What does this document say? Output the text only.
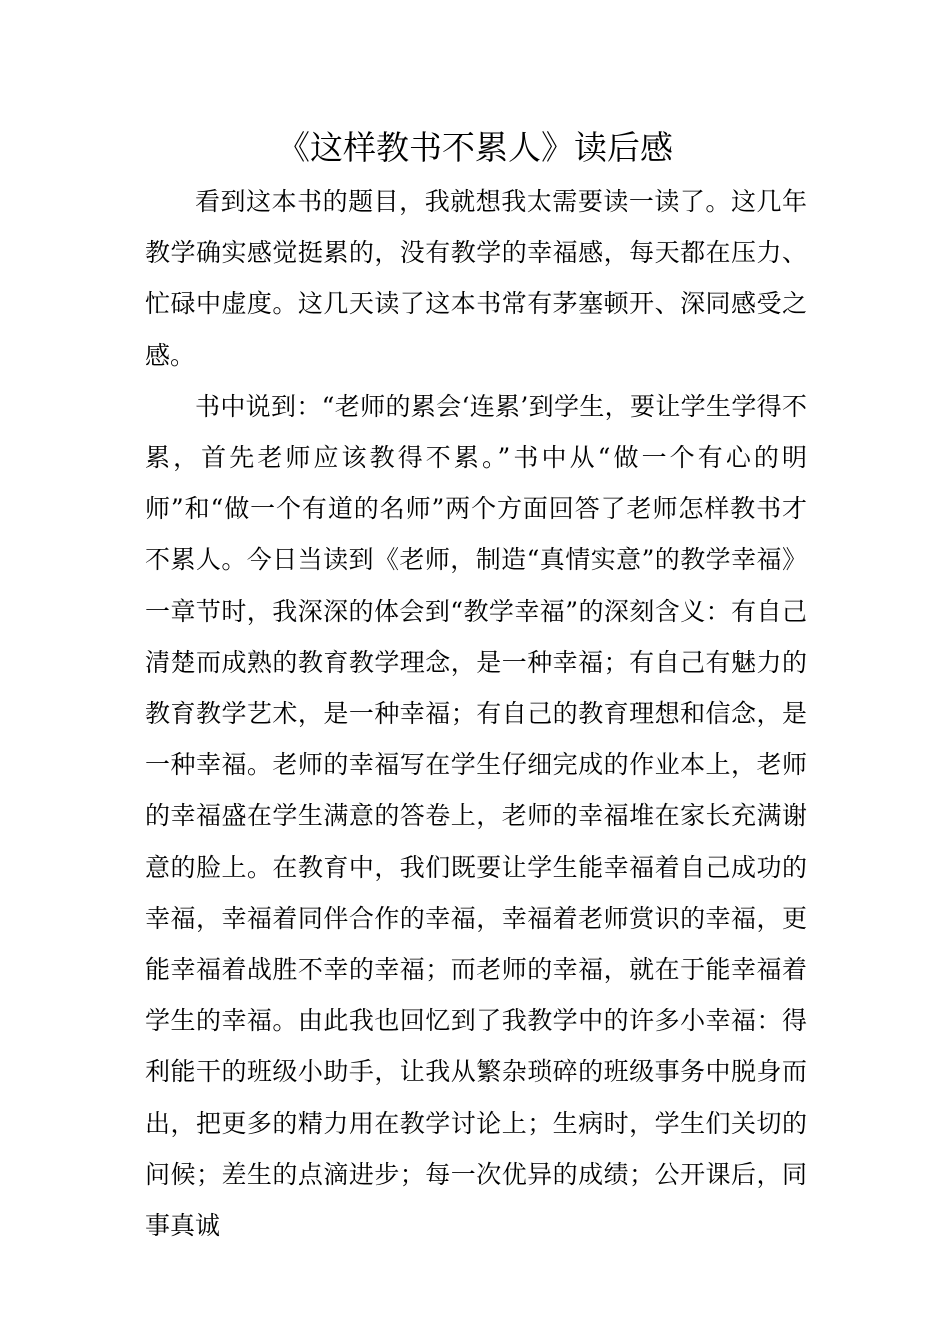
《这样教书不累人》读后感

看到这本书的题目，我就想我太需要读一读了。这几年教学确实感觉挺累的，没有教学的幸福感，每天都在压力、忙碌中虚度。这几天读了这本书常有茅塞顿开、深同感受之感。

书中说到：“老师的累会‘连累’到学生，要让学生学得不累，首先老师应该教得不累。”书中从“做一个有心的明师”和“做一个有道的名师”两个方面回答了老师怎样教书才不累人。今日当读到《老师，制造“真情实意”的教学幸福》一章节时，我深深的体会到“教学幸福”的深刻含义：有自己清楚而成熟的教育教学理念，是一种幸福；有自己有魅力的教育教学艺术，是一种幸福；有自己的教育理想和信念，是一种幸福。老师的幸福写在学生仔细完成的作业本上，老师的幸福盛在学生满意的答卷上，老师的幸福堆在家长充满谢意的脸上。在教育中，我们既要让学生能幸福着自己成功的幸福，幸福着同伴合作的幸福，幸福着老师赏识的幸福，更能幸福着战胜不幸的幸福；而老师的幸福，就在于能幸福着学生的幸福。由此我也回忆到了我教学中的许多小幸福：得利能干的班级小助手，让我从繁杂琐碎的班级事务中脱身而出，把更多的精力用在教学讨论上；生病时，学生们关切的问候；差生的点滴进步；每一次优异的成绩；公开课后，同事真诚
